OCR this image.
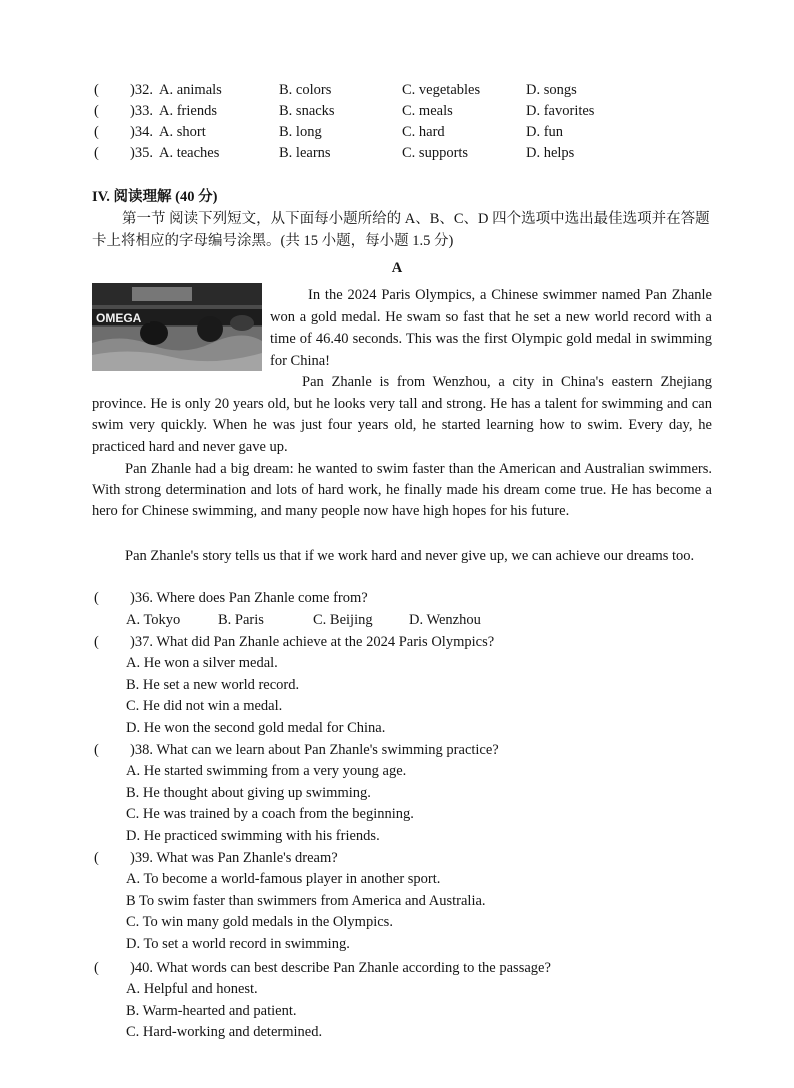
( )32. A. animals	B. colors	C. vegetables	D. songs
( )33. A. friends	B. snacks	C. meals	D. favorites
( )34. A. short	B. long	C. hard	D. fun
( )35. A. teaches	B. learns	C. supports	D. helps
IV. 阅读理解 (40 分)
第一节 阅读下列短文，从下面每小题所给的 A、B、C、D 四个选项中选出最佳选项并在答题卡上将相应的字母编号涂黑。(共 15 小题，每小题 1.5 分)
A
OMEGA
In the 2024 Paris Olympics, a Chinese swimmer named Pan Zhanle won a gold medal. He swam so fast that he set a new world record with a time of 46.40 seconds. This was the first Olympic gold medal in swimming for China!
Pan Zhanle is from Wenzhou, a city in China's eastern Zhejiang province. He is only 20 years old, but he looks very tall and strong. He has a talent for swimming and can swim very quickly. When he was just four years old, he started learning how to swim. Every day, he practiced hard and never gave up.
Pan Zhanle had a big dream: he wanted to swim faster than the American and Australian swimmers. With strong determination and lots of hard work, he finally made his dream come true. He has become a hero for Chinese swimming, and many people now have high hopes for his future.
Pan Zhanle's story tells us that if we work hard and never give up, we can achieve our dreams too.
( )36. Where does Pan Zhanle come from?
A. Tokyo	B. Paris	C. Beijing	D. Wenzhou
( )37. What did Pan Zhanle achieve at the 2024 Paris Olympics?
A. He won a silver medal.
B. He set a new world record.
C. He did not win a medal.
D. He won the second gold medal for China.
( )38. What can we learn about Pan Zhanle's swimming practice?
A. He started swimming from a very young age.
B. He thought about giving up swimming.
C. He was trained by a coach from the beginning.
D. He practiced swimming with his friends.
( )39. What was Pan Zhanle's dream?
A. To become a world-famous player in another sport.
B To swim faster than swimmers from America and Australia.
C. To win many gold medals in the Olympics.
D. To set a world record in swimming.
( )40. What words can best describe Pan Zhanle according to the passage?
A. Helpful and honest.
B. Warm-hearted and patient.
C. Hard-working and determined.
